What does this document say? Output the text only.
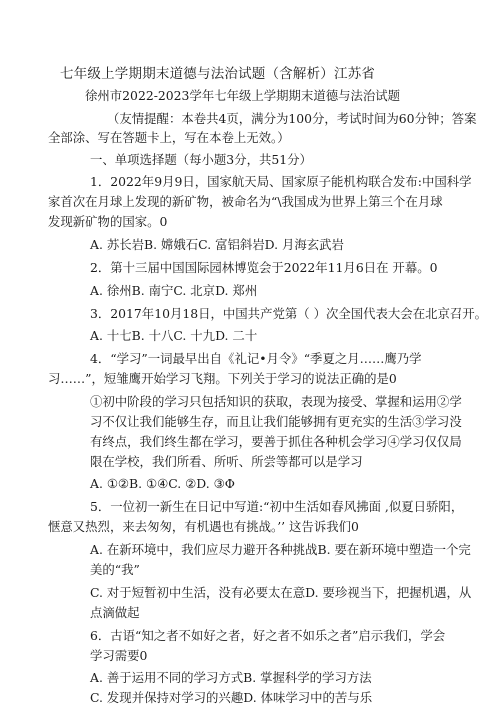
七年级上学期期末道德与法治试题（含解析）江苏省
徐州市2022-2023学年七年级上学期期末道德与法治试题
（友情提醒：本卷共4页，满分为100分，考试时间为60分钟；答案
全部涂、写在答题卡上，写在本卷上无效。）
一、单项选择题（每小题3分，共51分）
1．2022年9月9日，国家航天局、国家原子能机构联合发布:中国科学
家首次在月球上发现的新矿物，被命名为“\我国成为世界上第三个在月球
发现新矿物的国家。0
A. 苏长岩B. 嫦娥石C. 富铝斜岩D. 月海玄武岩
2．第十三届中国国际园林博览会于2022年11月6日在 开幕。0
A. 徐州B. 南宁C. 北京D. 郑州
3．2017年10月18日，中国共产党第（ ）次全国代表大会在北京召开。
A. 十七B. 十八C. 十九D. 二十
4．“学习”一词最早出自《礼记•月令》“季夏之月……鹰乃学
习……”，短雏鹰开始学习飞翔。下列关于学习的说法正确的是0
①初中阶段的学习只包括知识的获取，表现为接受、掌握和运用②学
习不仅让我们能够生存，而且让我们能够拥有更充实的生活③学习没
有终点，我们终生都在学习，要善于抓住各种机会学习④学习仅仅局
限在学校，我们所看、所听、所尝等都可以是学习
A. ①②B. ①④C. ②D. ③Φ
5．一位初一新生在日记中写道:“初中生活如春风拂面 ,似夏日骄阳，
惬意又热烈，来去匆匆，有机遇也有挑战。’’ 这告诉我们0
A. 在新环境中，我们应尽力避开各种挑战B. 要在新环境中塑造一个完
美的“我”
C. 对于短暂初中生活，没有必要太在意D. 要珍视当下，把握机遇，从
点滴做起
6．古语“知之者不如好之者，好之者不如乐之者”启示我们，学会
学习需要0
A. 善于运用不同的学习方式B. 掌握科学的学习方法
C. 发现并保持对学习的兴趣D. 体味学习中的苦与乐
